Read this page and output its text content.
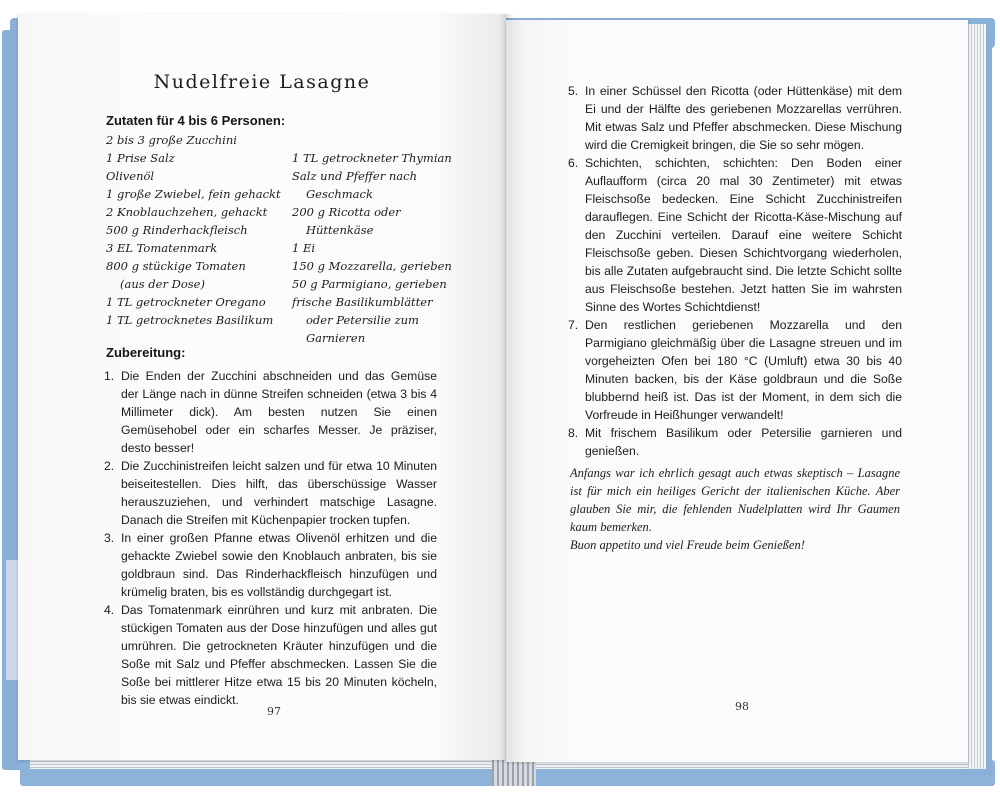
Nudelfreie Lasagne
Zutaten für 4 bis 6 Personen:
2 bis 3 große Zucchini
1 Prise Salz
Olivenöl
1 große Zwiebel, fein gehackt
2 Knoblauchzehen, gehackt
500 g Rinderhackfleisch
3 EL Tomatenmark
800 g stückige Tomaten
(aus der Dose)
1 TL getrockneter Oregano
1 TL getrocknetes Basilikum
1 TL getrockneter Thymian
Salz und Pfeffer nach
Geschmack
200 g Ricotta oder
Hüttenkäse
1 Ei
150 g Mozzarella, gerieben
50 g Parmigiano, gerieben
frische Basilikumblätter
oder Petersilie zum
Garnieren
Zubereitung:
1. Die Enden der Zucchini abschneiden und das Gemüse der Länge nach in dünne Streifen schneiden (etwa 3 bis 4 Millimeter dick). Am besten nutzen Sie einen Gemüsehobel oder ein scharfes Messer. Je präziser, desto besser!
2. Die Zucchinistreifen leicht salzen und für etwa 10 Minuten beiseitestellen. Dies hilft, das überschüssige Wasser herauszuziehen, und verhindert matschige Lasagne. Danach die Streifen mit Küchenpapier trocken tupfen.
3. In einer großen Pfanne etwas Olivenöl erhitzen und die gehackte Zwiebel sowie den Knoblauch anbraten, bis sie goldbraun sind. Das Rinderhackfleisch hinzufügen und krümelig braten, bis es vollständig durchgegart ist.
4. Das Tomatenmark einrühren und kurz mit anbraten. Die stückigen Tomaten aus der Dose hinzufügen und alles gut umrühren. Die getrockneten Kräuter hinzufügen und die Soße mit Salz und Pfeffer abschmecken. Lassen Sie die Soße bei mittlerer Hitze etwa 15 bis 20 Minuten köcheln, bis sie etwas eindickt.
97
5. In einer Schüssel den Ricotta (oder Hüttenkäse) mit dem Ei und der Hälfte des geriebenen Mozzarellas verrühren. Mit etwas Salz und Pfeffer abschmecken. Diese Mischung wird die Cremigkeit bringen, die Sie so sehr mögen.
6. Schichten, schichten, schichten: Den Boden einer Auflaufform (circa 20 mal 30 Zentimeter) mit etwas Fleischsoße bedecken. Eine Schicht Zucchinistreifen darauflegen. Eine Schicht der Ricotta-Käse-Mischung auf den Zucchini verteilen. Darauf eine weitere Schicht Fleischsoße geben. Diesen Schichtvorgang wiederholen, bis alle Zutaten aufgebraucht sind. Die letzte Schicht sollte aus Fleischsoße bestehen. Jetzt hatten Sie im wahrsten Sinne des Wortes Schichtdienst!
7. Den restlichen geriebenen Mozzarella und den Parmigiano gleichmäßig über die Lasagne streuen und im vorgeheizten Ofen bei 180 °C (Umluft) etwa 30 bis 40 Minuten backen, bis der Käse goldbraun und die Soße blubbernd heiß ist. Das ist der Moment, in dem sich die Vorfreude in Heißhunger verwandelt!
8. Mit frischem Basilikum oder Petersilie garnieren und genießen.
Anfangs war ich ehrlich gesagt auch etwas skeptisch – Lasagne ist für mich ein heiliges Gericht der italienischen Küche. Aber glauben Sie mir, die fehlenden Nudelplatten wird Ihr Gaumen kaum bemerken.
Buon appetito und viel Freude beim Genießen!
98
